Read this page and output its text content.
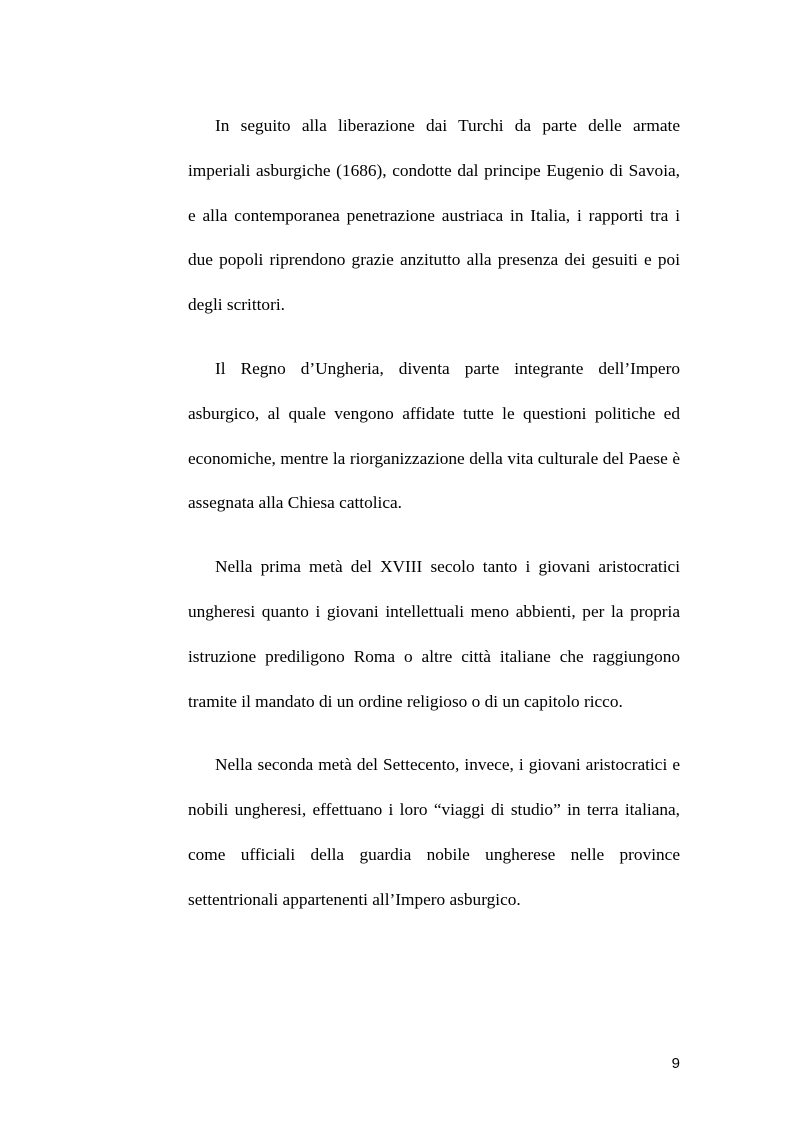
In seguito alla liberazione dai Turchi da parte delle armate imperiali asburgiche (1686), condotte dal principe Eugenio di Savoia, e alla contemporanea penetrazione austriaca in Italia, i rapporti tra i due popoli riprendono grazie anzitutto alla presenza dei gesuiti e poi degli scrittori.

Il Regno d’Ungheria, diventa parte integrante dell’Impero asburgico, al quale vengono affidate tutte le questioni politiche ed economiche, mentre la riorganizzazione della vita culturale del Paese è assegnata alla Chiesa cattolica.

Nella prima metà del XVIII secolo tanto i giovani aristocratici ungheresi quanto i giovani intellettuali meno abbienti, per la propria istruzione prediligono Roma o altre città italiane che raggiungono tramite il mandato di un ordine religioso o di un capitolo ricco.

Nella seconda metà del Settecento, invece, i giovani aristocratici e nobili ungheresi, effettuano i loro “viaggi di studio” in terra italiana, come ufficiali della guardia nobile ungherese nelle province settentrionali appartenenti all’Impero asburgico.

9
